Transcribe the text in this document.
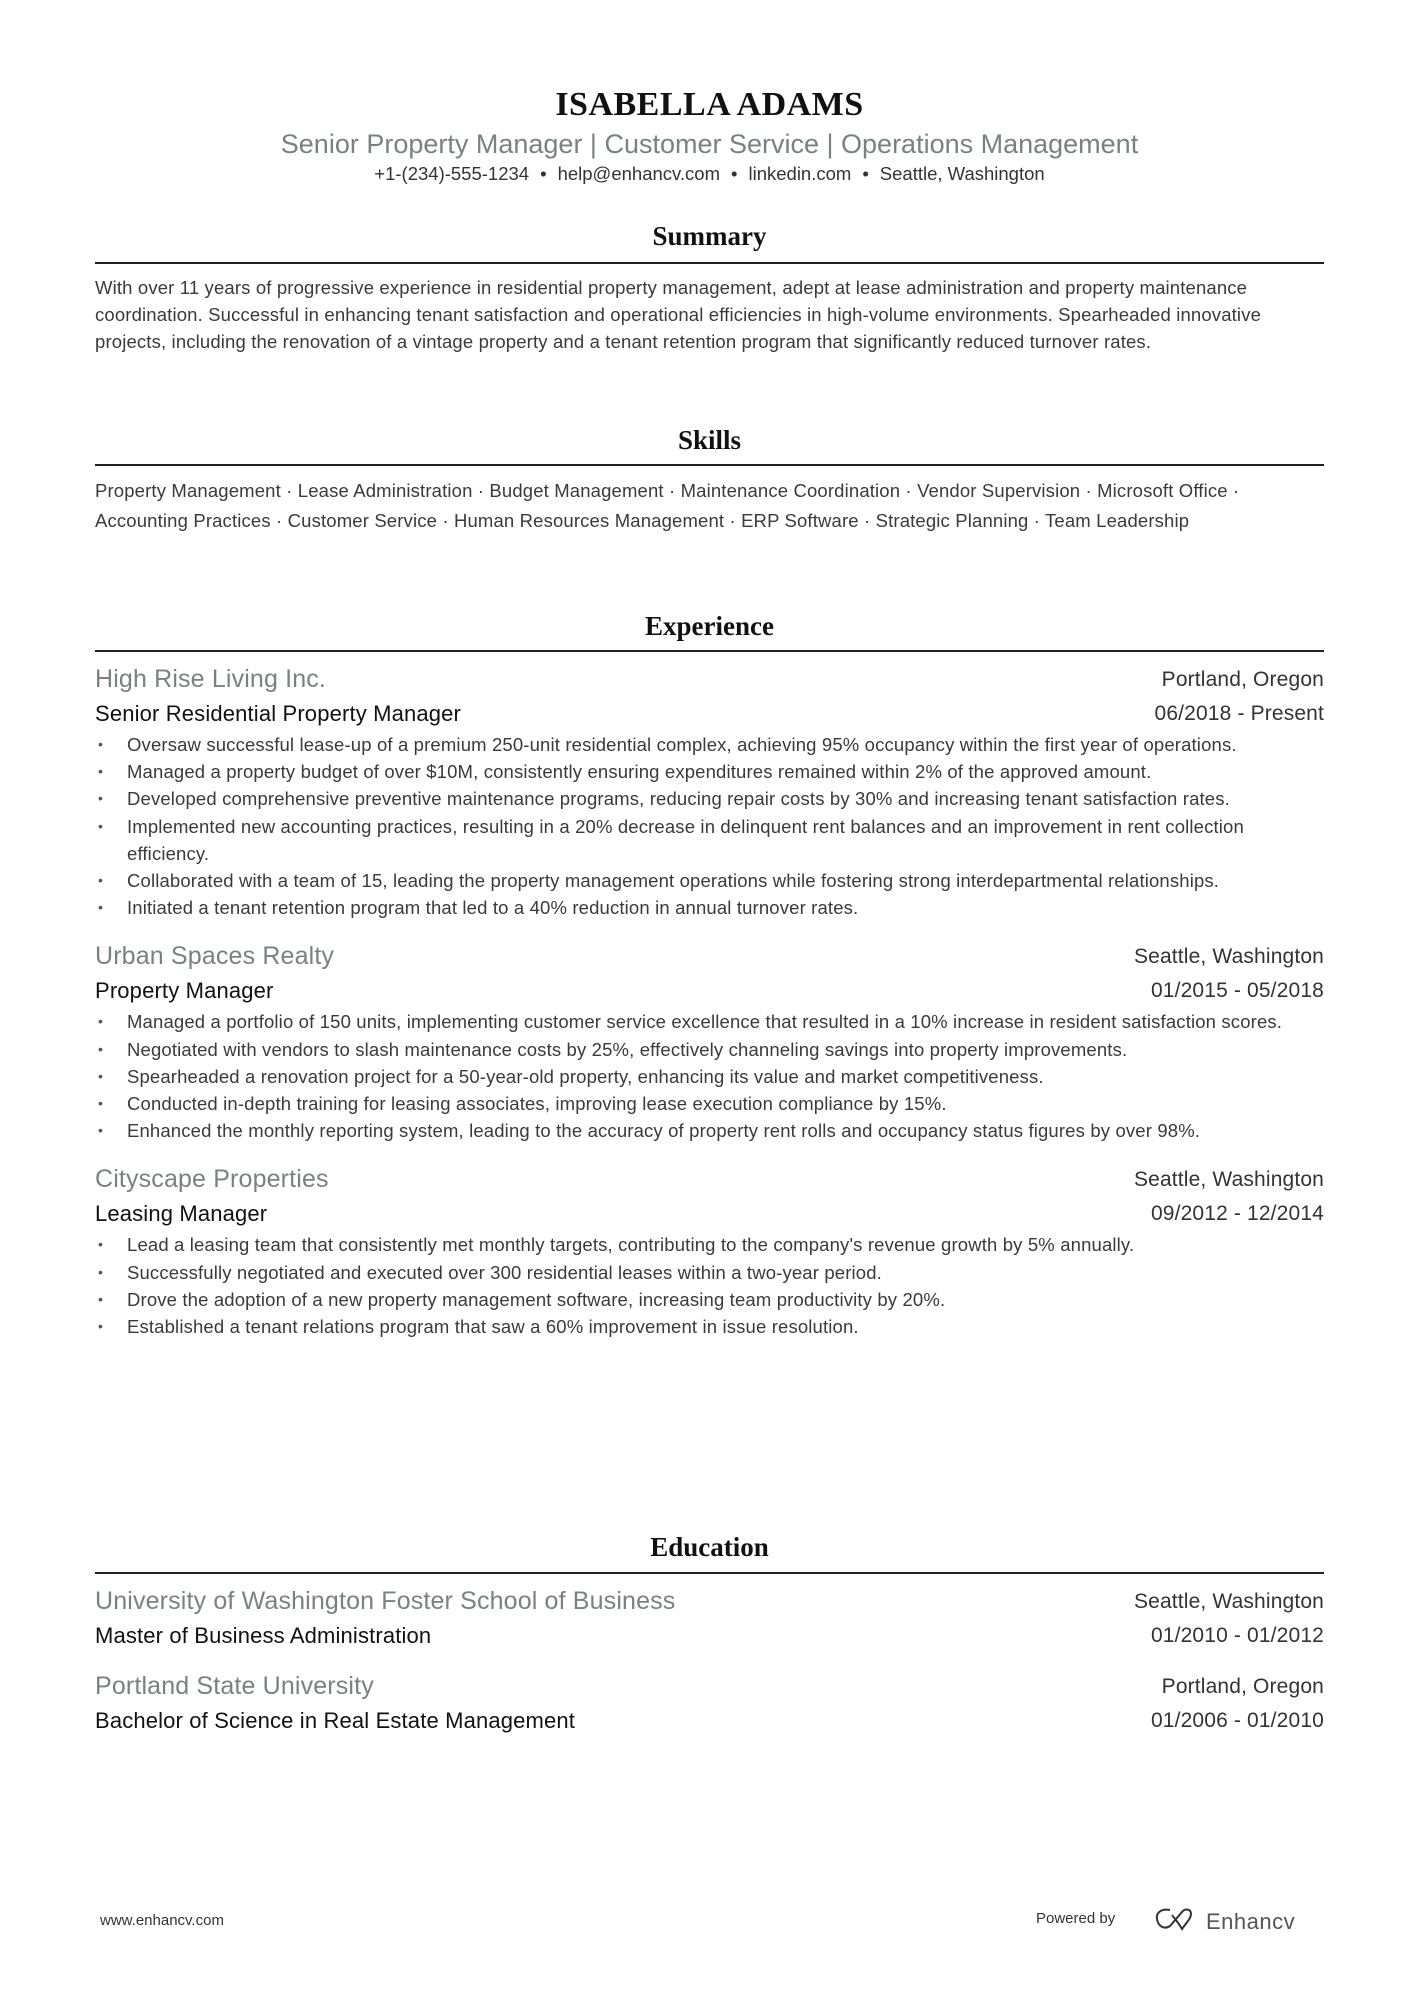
ISABELLA ADAMS
Senior Property Manager | Customer Service | Operations Management
+1-(234)-555-1234 • help@enhancv.com • linkedin.com • Seattle, Washington
Summary
With over 11 years of progressive experience in residential property management, adept at lease administration and property maintenance coordination. Successful in enhancing tenant satisfaction and operational efficiencies in high-volume environments. Spearheaded innovative projects, including the renovation of a vintage property and a tenant retention program that significantly reduced turnover rates.
Skills
Property Management · Lease Administration · Budget Management · Maintenance Coordination · Vendor Supervision · Microsoft Office · Accounting Practices · Customer Service · Human Resources Management · ERP Software · Strategic Planning · Team Leadership
Experience
High Rise Living Inc.	Portland, Oregon
Senior Residential Property Manager	06/2018 - Present
• Oversaw successful lease-up of a premium 250-unit residential complex, achieving 95% occupancy within the first year of operations.
• Managed a property budget of over $10M, consistently ensuring expenditures remained within 2% of the approved amount.
• Developed comprehensive preventive maintenance programs, reducing repair costs by 30% and increasing tenant satisfaction rates.
• Implemented new accounting practices, resulting in a 20% decrease in delinquent rent balances and an improvement in rent collection efficiency.
• Collaborated with a team of 15, leading the property management operations while fostering strong interdepartmental relationships.
• Initiated a tenant retention program that led to a 40% reduction in annual turnover rates.
Urban Spaces Realty	Seattle, Washington
Property Manager	01/2015 - 05/2018
• Managed a portfolio of 150 units, implementing customer service excellence that resulted in a 10% increase in resident satisfaction scores.
• Negotiated with vendors to slash maintenance costs by 25%, effectively channeling savings into property improvements.
• Spearheaded a renovation project for a 50-year-old property, enhancing its value and market competitiveness.
• Conducted in-depth training for leasing associates, improving lease execution compliance by 15%.
• Enhanced the monthly reporting system, leading to the accuracy of property rent rolls and occupancy status figures by over 98%.
Cityscape Properties	Seattle, Washington
Leasing Manager	09/2012 - 12/2014
• Lead a leasing team that consistently met monthly targets, contributing to the company's revenue growth by 5% annually.
• Successfully negotiated and executed over 300 residential leases within a two-year period.
• Drove the adoption of a new property management software, increasing team productivity by 20%.
• Established a tenant relations program that saw a 60% improvement in issue resolution.
Education
University of Washington Foster School of Business	Seattle, Washington
Master of Business Administration	01/2010 - 01/2012
Portland State University	Portland, Oregon
Bachelor of Science in Real Estate Management	01/2006 - 01/2010
www.enhancv.com	Powered by	Enhancv
